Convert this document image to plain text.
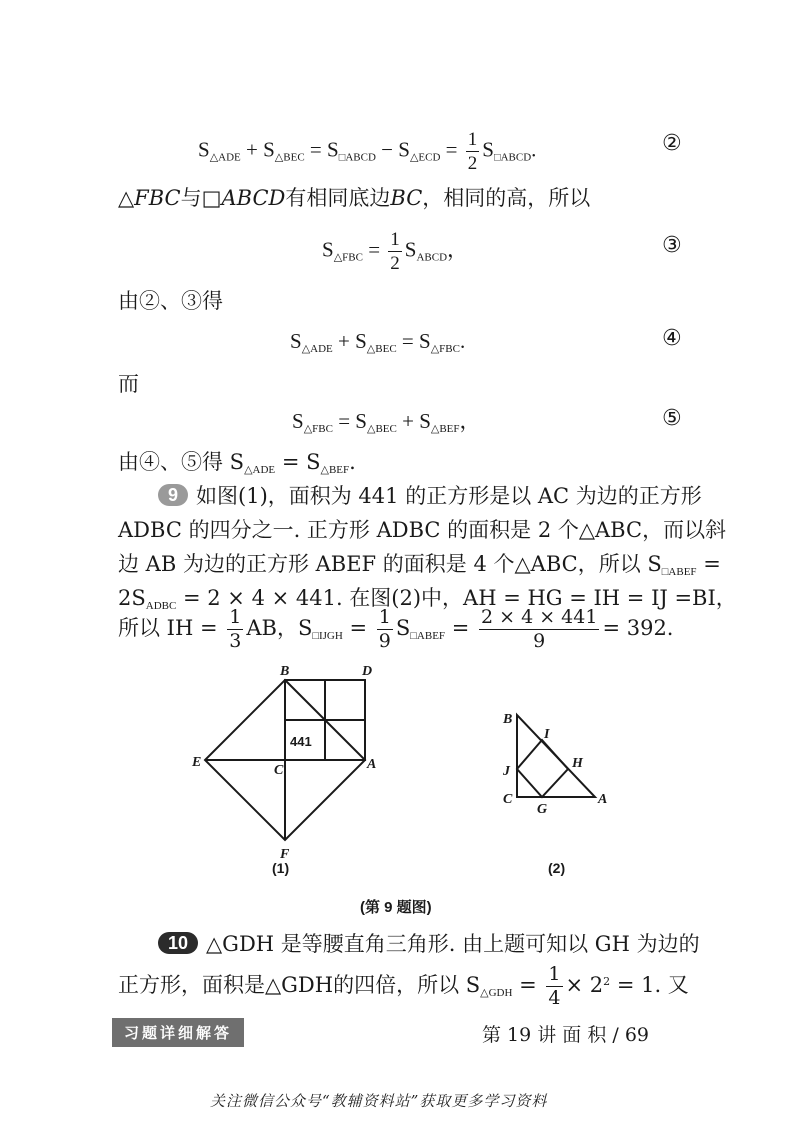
$S_{\triangle ADE} + S_{\triangle BEC} = S_{□ABCD} - S_{\triangle ECD} = \frac{1}{2} S_{□ABCD}$.	②
△FBC与□ABCD有相同底边BC，相同的高，所以
$S_{\triangle FBC} = \frac{1}{2} S_{ABCD}$，	③
由②、③得
$S_{\triangle ADE} + S_{\triangle BEC} = S_{\triangle FBC}$.	④
而
$S_{\triangle FBC} = S_{\triangle BEC} + S_{\triangle BEF}$，	⑤
由④、⑤得 $S_{\triangle ADE} = S_{\triangle BEF}$.
9 如图(1)，面积为 441 的正方形是以 AC 为边的正方形
ADBC 的四分之一. 正方形 ADBC 的面积是 2 个△ABC，而以斜
边 AB 为边的正方形 ABEF 的面积是 4 个△ABC，所以 $S_{□ABEF}$ =
$2S_{ADBC} = 2 \times 4 \times 441$. 在图(2)中，AH = HG = IH = IJ =BI，
所以 IH = $\frac{1}{3}$ AB，$S_{□IJGH} = \frac{1}{9} S_{□ABEF} = \frac{2 \times 4 \times 441}{9} = 392$.
B	D
E
C	A
F
441
(1)
B
I
J
H
C
G
A
(2)
(第 9 题图)
10 △GDH 是等腰直角三角形. 由上题可知以 GH 为边的
正方形，面积是△GDH的四倍，所以 $S_{\triangle GDH} = \frac{1}{4} \times 2^2 = 1$. 又
习题详细解答	第 19 讲 面 积 / 69
关注微信公众号“教辅资料站”获取更多学习资料
